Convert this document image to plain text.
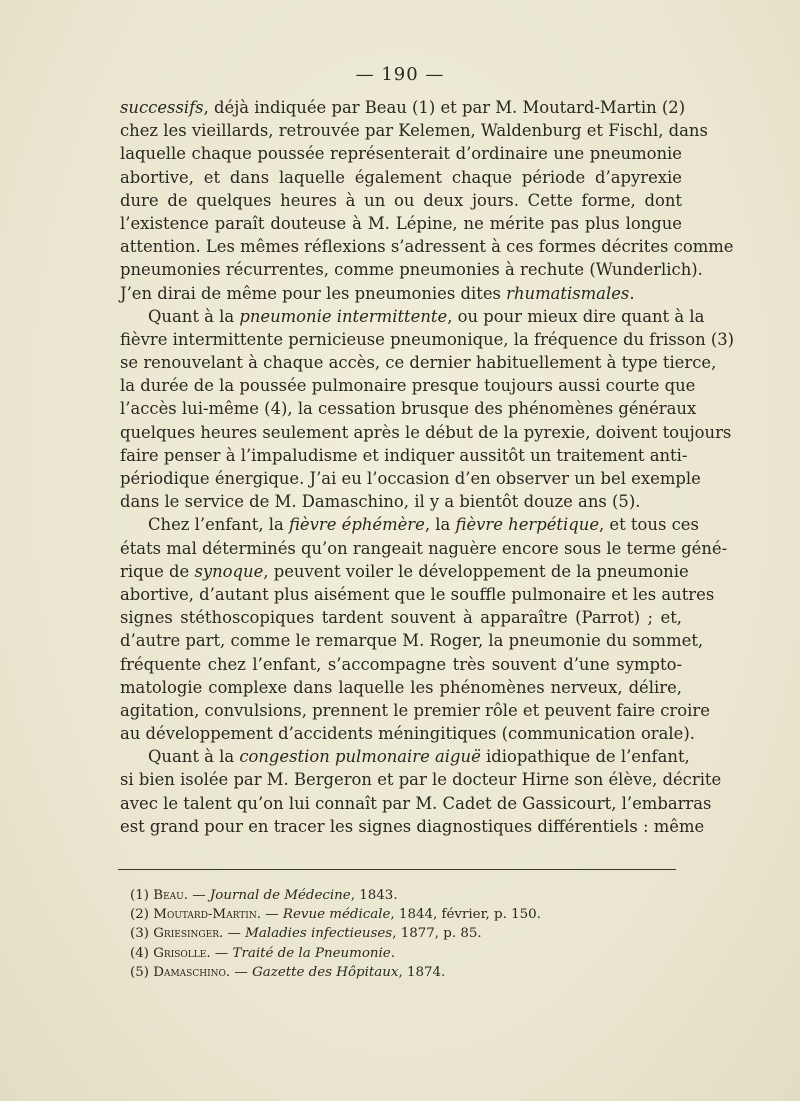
— 190 —
successifs, déjà indiquée par Beau (1) et par M. Moutard-Martin (2)
chez les vieillards, retrouvée par Kelemen, Waldenburg et Fischl, dans
laquelle chaque poussée représenterait d’ordinaire une pneumonie
abortive, et dans laquelle également chaque période d’apyrexie
dure de quelques heures à un ou deux jours. Cette forme, dont
l’existence paraît douteuse à M. Lépine, ne mérite pas plus longue
attention. Les mêmes réflexions s’adressent à ces formes décrites comme
pneumonies récurrentes, comme pneumonies à rechute (Wunderlich).
J’en dirai de même pour les pneumonies dites rhumatismales.
Quant à la pneumonie intermittente, ou pour mieux dire quant à la
fièvre intermittente pernicieuse pneumonique, la fréquence du frisson (3)
se renouvelant à chaque accès, ce dernier habituellement à type tierce,
la durée de la poussée pulmonaire presque toujours aussi courte que
l’accès lui-même (4), la cessation brusque des phénomènes généraux
quelques heures seulement après le début de la pyrexie, doivent toujours
faire penser à l’impaludisme et indiquer aussitôt un traitement anti-
périodique énergique. J’ai eu l’occasion d’en observer un bel exemple
dans le service de M. Damaschino, il y a bientôt douze ans (5).
Chez l’enfant, la fièvre éphémère, la fièvre herpétique, et tous ces
états mal déterminés qu’on rangeait naguère encore sous le terme géné-
rique de synoque, peuvent voiler le développement de la pneumonie
abortive, d’autant plus aisément que le souffle pulmonaire et les autres
signes stéthoscopiques tardent souvent à apparaître (Parrot) ; et,
d’autre part, comme le remarque M. Roger, la pneumonie du sommet,
fréquente chez l’enfant, s’accompagne très souvent d’une sympto-
matologie complexe dans laquelle les phénomènes nerveux, délire,
agitation, convulsions, prennent le premier rôle et peuvent faire croire
au développement d’accidents méningitiques (communication orale).
Quant à la congestion pulmonaire aiguë idiopathique de l’enfant,
si bien isolée par M. Bergeron et par le docteur Hirne son élève, décrite
avec le talent qu’on lui connaît par M. Cadet de Gassicourt, l’embarras
est grand pour en tracer les signes diagnostiques différentiels : même
(1) Beau. — Journal de Médecine, 1843.
(2) Moutard-Martin. — Revue médicale, 1844, février, p. 150.
(3) Griesinger. — Maladies infectieuses, 1877, p. 85.
(4) Grisolle. — Traité de la Pneumonie.
(5) Damaschino. — Gazette des Hôpitaux, 1874.
